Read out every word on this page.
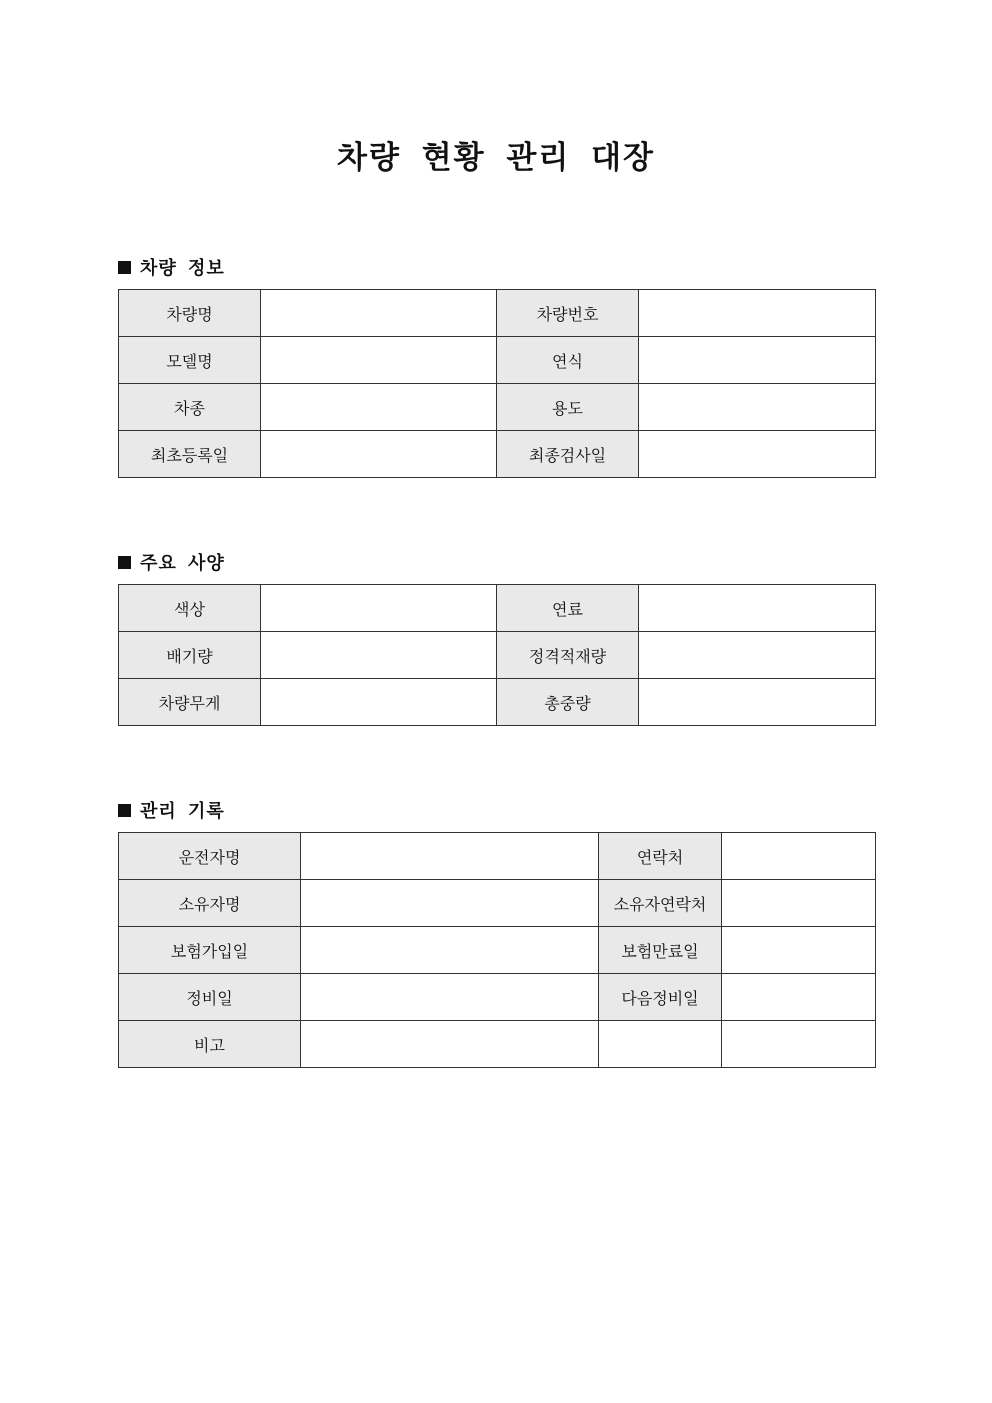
차량 현황 관리 대장
차량 정보
차량명		차량번호	
모델명		연식	
차종		용도	
최초등록일		최종검사일	
주요 사양
색상		연료	
배기량		정격적재량	
차량무게		총중량	
관리 기록
운전자명		연락처	
소유자명		소유자연락처	
보험가입일		보험만료일	
정비일		다음정비일	
비고			
